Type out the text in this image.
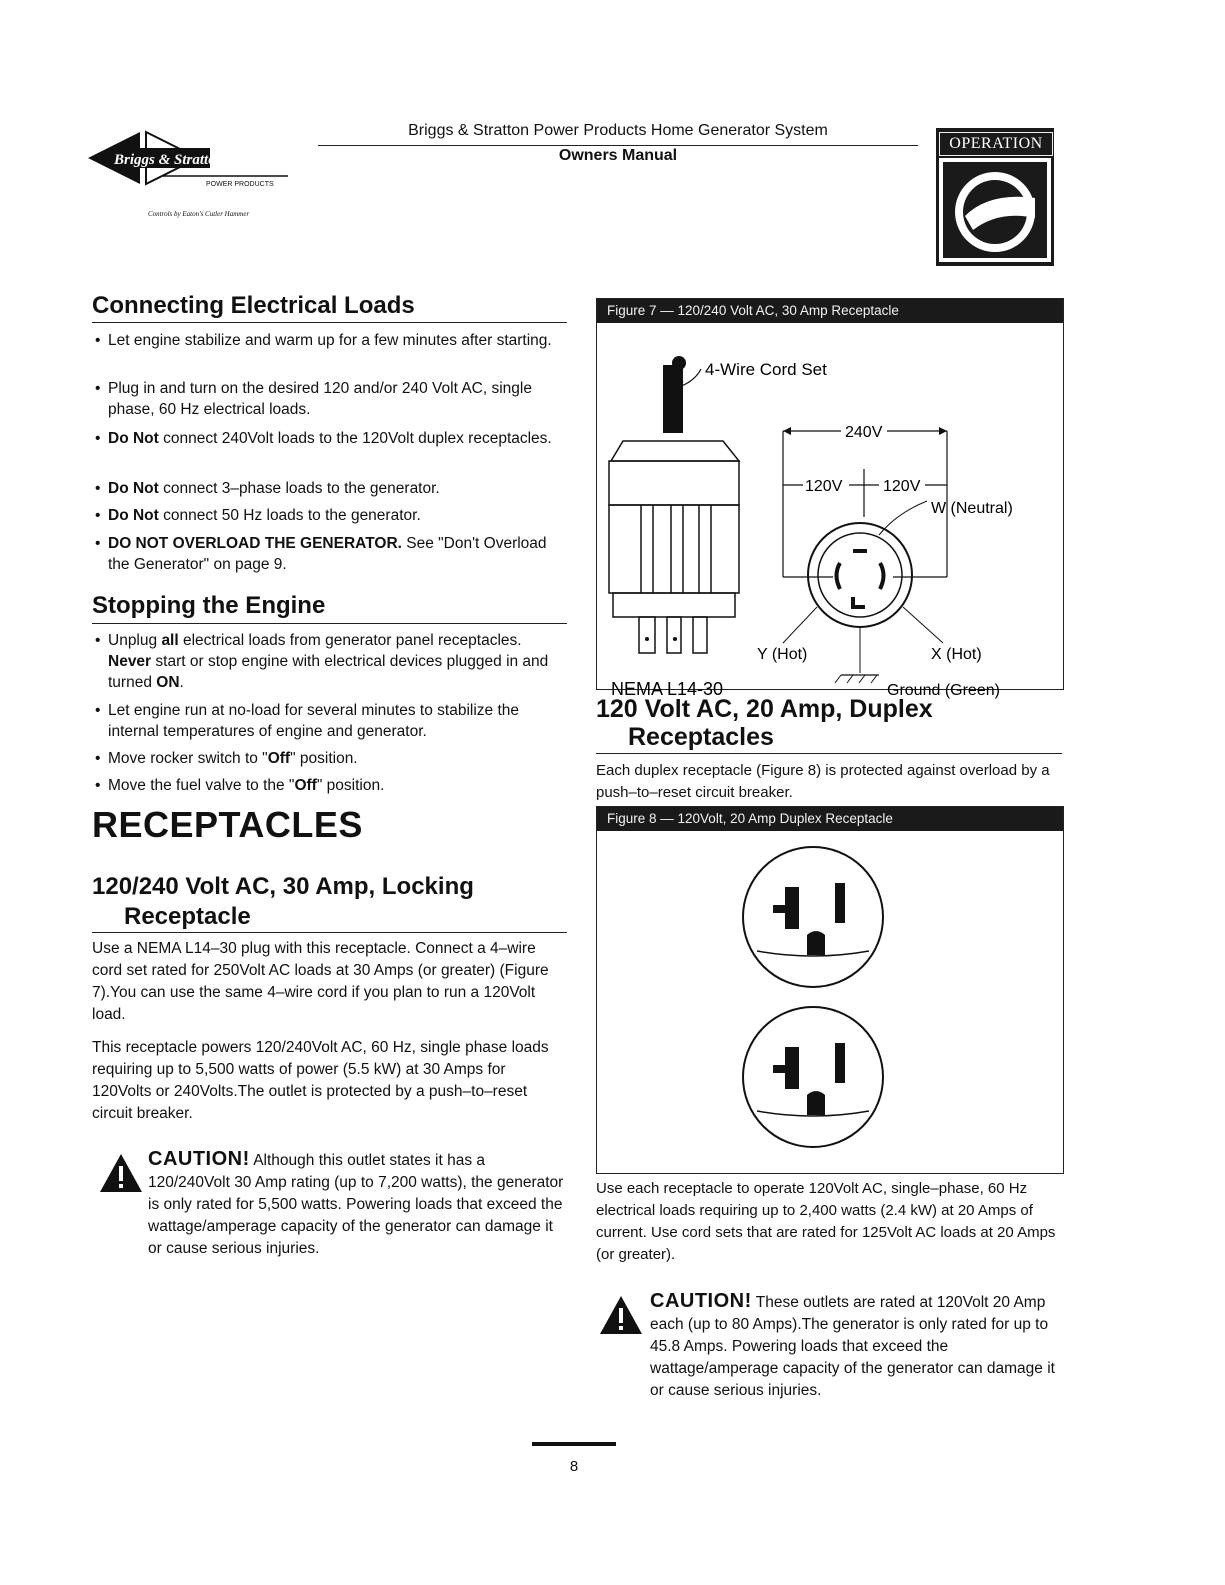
Briggs & Stratton
POWER PRODUCTS
Controls by Eaton's Cutler Hammer
Briggs & Stratton Power Products Home Generator System
Owners Manual
OPERATION
Connecting Electrical Loads
• Let engine stabilize and warm up for a few minutes after starting.
• Plug in and turn on the desired 120 and/or 240 Volt AC, single phase, 60 Hz electrical loads.
• Do Not connect 240Volt loads to the 120Volt duplex receptacles.
• Do Not connect 3–phase loads to the generator.
• Do Not connect 50 Hz loads to the generator.
• DO NOT OVERLOAD THE GENERATOR. See "Don't Overload the Generator" on page 9.
Stopping the Engine
• Unplug all electrical loads from generator panel receptacles. Never start or stop engine with electrical devices plugged in and turned ON.
• Let engine run at no-load for several minutes to stabilize the internal temperatures of engine and generator.
• Move rocker switch to "Off" position.
• Move the fuel valve to the "Off" position.
RECEPTACLES
120/240 Volt AC, 30 Amp, Locking
Receptacle
Use a NEMA L14–30 plug with this receptacle. Connect a 4–wire cord set rated for 250Volt AC loads at 30 Amps (or greater) (Figure 7).You can use the same 4–wire cord if you plan to run a 120Volt load.
This receptacle powers 120/240Volt AC, 60 Hz, single phase loads requiring up to 5,500 watts of power (5.5 kW) at 30 Amps for 120Volts or 240Volts.The outlet is protected by a push–to–reset circuit breaker.
CAUTION! Although this outlet states it has a 120/240Volt 30 Amp rating (up to 7,200 watts), the generator is only rated for 5,500 watts. Powering loads that exceed the wattage/amperage capacity of the generator can damage it or cause serious injuries.
Figure 7 — 120/240 Volt AC, 30 Amp Receptacle
4-Wire Cord Set
240V
120V	120V
W (Neutral)
Y (Hot)	X (Hot)
Ground (Green)
NEMA L14-30
120 Volt AC, 20 Amp, Duplex
Receptacles
Each duplex receptacle (Figure 8) is protected against overload by a push–to–reset circuit breaker.
Figure 8 — 120Volt, 20 Amp Duplex Receptacle
Use each receptacle to operate 120Volt AC, single–phase, 60 Hz electrical loads requiring up to 2,400 watts (2.4 kW) at 20 Amps of current. Use cord sets that are rated for 125Volt AC loads at 20 Amps (or greater).
CAUTION! These outlets are rated at 120Volt 20 Amp each (up to 80 Amps).The generator is only rated for up to 45.8 Amps. Powering loads that exceed the wattage/amperage capacity of the generator can damage it or cause serious injuries.
8
